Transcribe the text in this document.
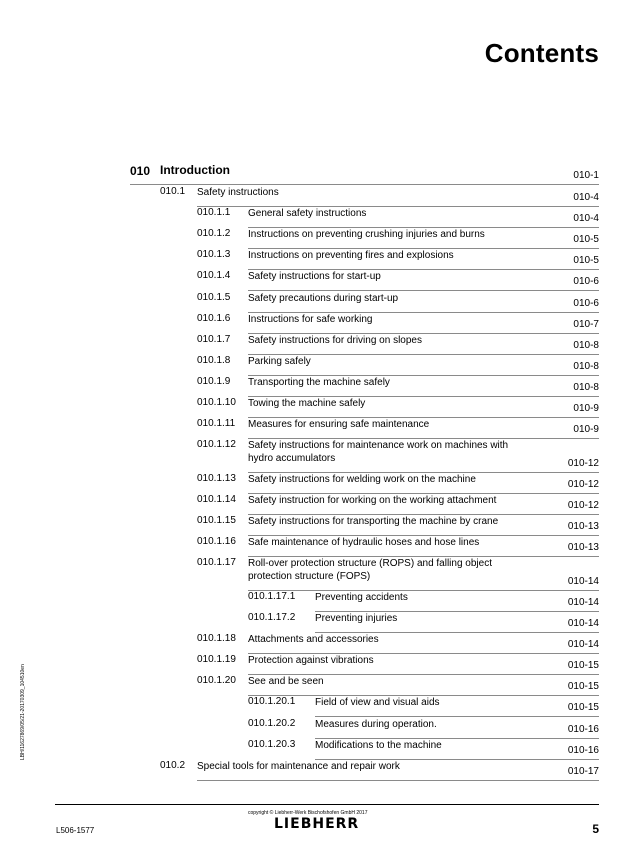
Contents
010 Introduction	010-1
010.1 Safety instructions	010-4
010.1.1 General safety instructions	010-4
010.1.2 Instructions on preventing crushing injuries and burns	010-5
010.1.3 Instructions on preventing fires and explosions	010-5
010.1.4 Safety instructions for start-up	010-6
010.1.5 Safety precautions during start-up	010-6
010.1.6 Instructions for safe working	010-7
010.1.7 Safety instructions for driving on slopes	010-8
010.1.8 Parking safely	010-8
010.1.9 Transporting the machine safely	010-8
010.1.10 Towing the machine safely	010-9
010.1.11 Measures for ensuring safe maintenance	010-9
010.1.12 Safety instructions for maintenance work on machines with hydro accumulators	010-12
010.1.13 Safety instructions for welding work on the machine	010-12
010.1.14 Safety instruction for working on the working attachment	010-12
010.1.15 Safety instructions for transporting the machine by crane	010-13
010.1.16 Safe maintenance of hydraulic hoses and hose lines	010-13
010.1.17 Roll-over protection structure (ROPS) and falling object protection structure (FOPS)	010-14
010.1.17.1 Preventing accidents	010-14
010.1.17.2 Preventing injuries	010-14
010.1.18 Attachments and accessories	010-14
010.1.19 Protection against vibrations	010-15
010.1.20 See and be seen	010-15
010.1.20.1 Field of view and visual aids	010-15
010.1.20.2 Measures during operation.	010-16
010.1.20.3 Modifications to the machine	010-16
010.2 Special tools for maintenance and repair work	010-17
L506-1577
copyright © Liebherr-Werk Bischofshofen GmbH 2017
LIEBHERR	5
LBH/11627869/05/21-20170309_104510en
